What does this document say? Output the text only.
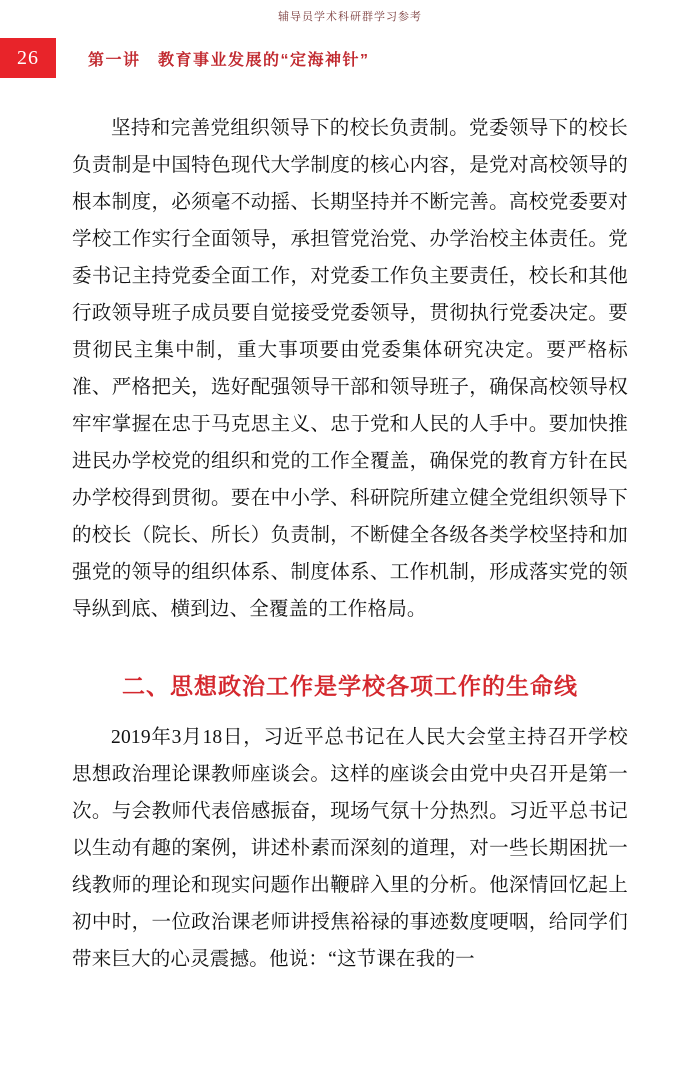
辅导员学术科研群学习参考
26	第一讲　教育事业发展的“定海神针”

坚持和完善党组织领导下的校长负责制。党委领导下的校长负责制是中国特色现代大学制度的核心内容，是党对高校领导的根本制度，必须毫不动摇、长期坚持并不断完善。高校党委要对学校工作实行全面领导，承担管党治党、办学治校主体责任。党委书记主持党委全面工作，对党委工作负主要责任，校长和其他行政领导班子成员要自觉接受党委领导，贯彻执行党委决定。要贯彻民主集中制，重大事项要由党委集体研究决定。要严格标准、严格把关，选好配强领导干部和领导班子，确保高校领导权牢牢掌握在忠于马克思主义、忠于党和人民的人手中。要加快推进民办学校党的组织和党的工作全覆盖，确保党的教育方针在民办学校得到贯彻。要在中小学、科研院所建立健全党组织领导下的校长（院长、所长）负责制，不断健全各级各类学校坚持和加强党的领导的组织体系、制度体系、工作机制，形成落实党的领导纵到底、横到边、全覆盖的工作格局。

二、思想政治工作是学校各项工作的生命线

2019年3月18日，习近平总书记在人民大会堂主持召开学校思想政治理论课教师座谈会。这样的座谈会由党中央召开是第一次。与会教师代表倍感振奋，现场气氛十分热烈。习近平总书记以生动有趣的案例，讲述朴素而深刻的道理，对一些长期困扰一线教师的理论和现实问题作出鞭辟入里的分析。他深情回忆起上初中时，一位政治课老师讲授焦裕禄的事迹数度哽咽，给同学们带来巨大的心灵震撼。他说：“这节课在我的一
